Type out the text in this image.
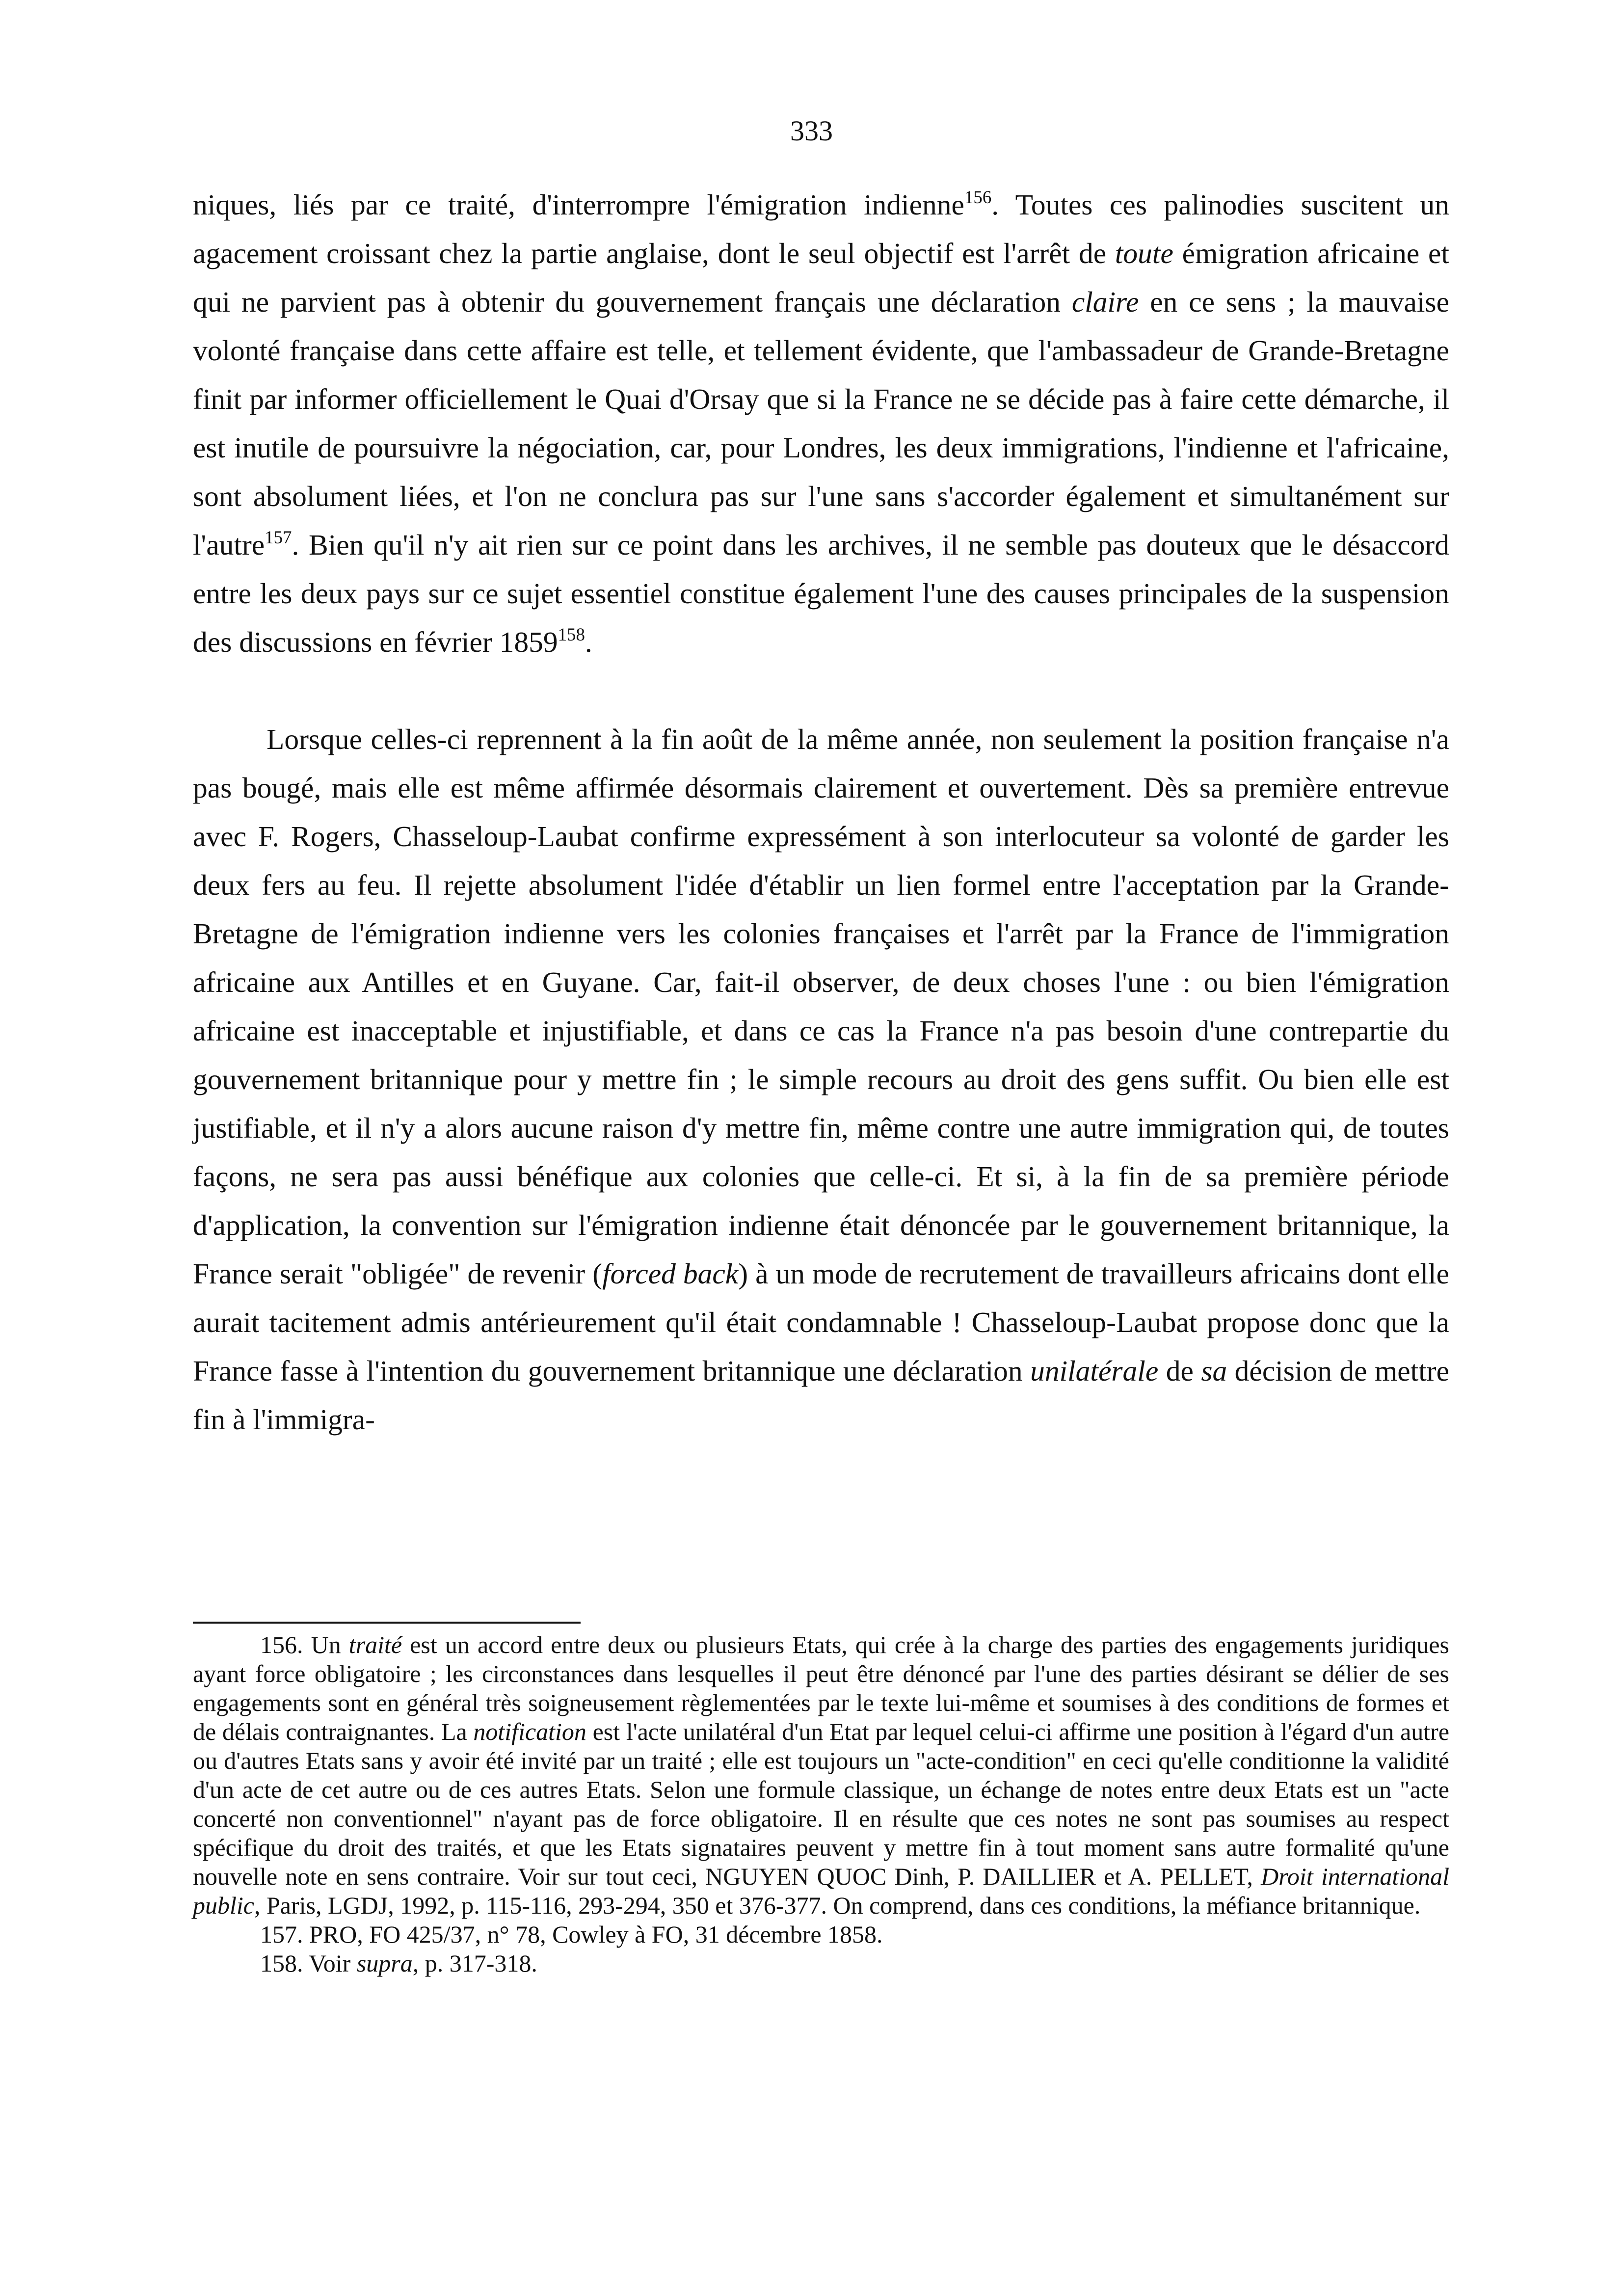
333

niques, liés par ce traité, d'interrompre l'émigration indienne$^{156}$. Toutes ces palinodies suscitent un agacement croissant chez la partie anglaise, dont le seul objectif est l'arrêt de toute émigration africaine et qui ne parvient pas à obtenir du gouvernement français une déclaration claire en ce sens ; la mauvaise volonté française dans cette affaire est telle, et tellement évidente, que l'ambassadeur de Grande-Bretagne finit par informer officiellement le Quai d'Orsay que si la France ne se décide pas à faire cette démarche, il est inutile de poursuivre la négociation, car, pour Londres, les deux immigrations, l'indienne et l'africaine, sont absolument liées, et l'on ne conclura pas sur l'une sans s'accorder également et simultanément sur l'autre$^{157}$. Bien qu'il n'y ait rien sur ce point dans les archives, il ne semble pas douteux que le désaccord entre les deux pays sur ce sujet essentiel constitue également l'une des causes principales de la suspension des discussions en février 1859$^{158}$.

Lorsque celles-ci reprennent à la fin août de la même année, non seulement la position française n'a pas bougé, mais elle est même affirmée désormais clairement et ouvertement. Dès sa première entrevue avec F. Rogers, Chasseloup-Laubat confirme expressément à son interlocuteur sa volonté de garder les deux fers au feu. Il rejette absolument l'idée d'établir un lien formel entre l'acceptation par la Grande-Bretagne de l'émigration indienne vers les colonies françaises et l'arrêt par la France de l'immigration africaine aux Antilles et en Guyane. Car, fait-il observer, de deux choses l'une : ou bien l'émigration africaine est inacceptable et injustifiable, et dans ce cas la France n'a pas besoin d'une contrepartie du gouvernement britannique pour y mettre fin ; le simple recours au droit des gens suffit. Ou bien elle est justifiable, et il n'y a alors aucune raison d'y mettre fin, même contre une autre immigration qui, de toutes façons, ne sera pas aussi bénéfique aux colonies que celle-ci. Et si, à la fin de sa première période d'application, la convention sur l'émigration indienne était dénoncée par le gouvernement britannique, la France serait "obligée" de revenir (forced back) à un mode de recrutement de travailleurs africains dont elle aurait tacitement admis antérieurement qu'il était condamnable ! Chasseloup-Laubat propose donc que la France fasse à l'intention du gouvernement britannique une déclaration unilatérale de sa décision de mettre fin à l'immigra-

156. Un traité est un accord entre deux ou plusieurs Etats, qui crée à la charge des parties des engagements juridiques ayant force obligatoire ; les circonstances dans lesquelles il peut être dénoncé par l'une des parties désirant se délier de ses engagements sont en général très soigneusement règlementées par le texte lui-même et soumises à des conditions de formes et de délais contraignantes. La notification est l'acte unilatéral d'un Etat par lequel celui-ci affirme une position à l'égard d'un autre ou d'autres Etats sans y avoir été invité par un traité ; elle est toujours un "acte-condition" en ceci qu'elle conditionne la validité d'un acte de cet autre ou de ces autres Etats. Selon une formule classique, un échange de notes entre deux Etats est un "acte concerté non conventionnel" n'ayant pas de force obligatoire. Il en résulte que ces notes ne sont pas soumises au respect spécifique du droit des traités, et que les Etats signataires peuvent y mettre fin à tout moment sans autre formalité qu'une nouvelle note en sens contraire. Voir sur tout ceci, NGUYEN QUOC Dinh, P. DAILLIER et A. PELLET, Droit international public, Paris, LGDJ, 1992, p. 115-116, 293-294, 350 et 376-377. On comprend, dans ces conditions, la méfiance britannique.

157. PRO, FO 425/37, n° 78, Cowley à FO, 31 décembre 1858.

158. Voir supra, p. 317-318.
